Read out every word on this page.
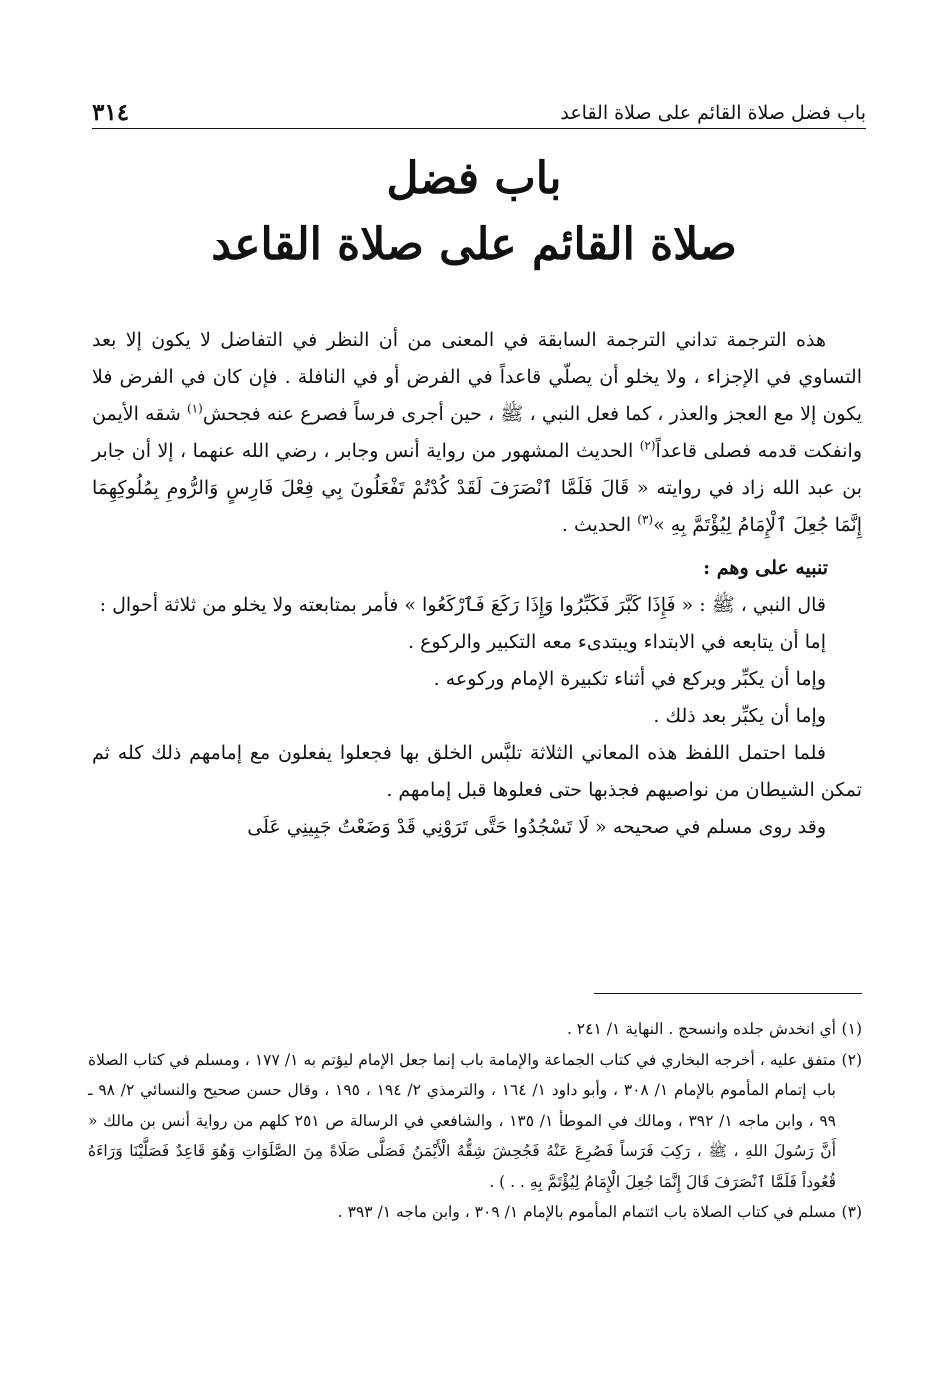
باب فضل صلاة القائم على صلاة القاعد
٣١٤
باب فضل
صلاة القائم على صلاة القاعد

هذه الترجمة تداني الترجمة السابقة في المعنى من أن النظر في التفاضل لا يكون إلا بعد التساوي في الإجزاء ، ولا يخلو أن يصلّي قاعداً في الفرض أو في النافلة . فإن كان في الفرض فلا يكون إلا مع العجز والعذر ، كما فعل النبي ، ﷺ ، حين أجرى فرساً فصرع عنه فجحش$^{(١)}$ شقه الأيمن وانفكت قدمه فصلى قاعداً$^{(٢)}$ الحديث المشهور من رواية أنس وجابر ، رضي الله عنهما ، إلا أن جابر بن عبد الله زاد في روايته « قَالَ فَلَمَّا ٱنْصَرَفَ لَقَدْ كُدْتُمْ تَفْعَلُونَ بِي فِعْلَ فَارِسٍ وَالرُّومِ بِمُلُوكِهِمَا إِنَّمَا جُعِلَ ٱلْإِمَامُ لِيُؤْتَمَّ بِهِ »$^{(٣)}$ الحديث .

تنبيه على وهم :

قال النبي ، ﷺ : « فَإِذَا كَبَّرَ فَكَبِّرُوا وَإِذَا رَكَعَ فَٱرْكَعُوا » فأمر بمتابعته ولا يخلو من ثلاثة أحوال :

إما أن يتابعه في الابتداء ويبتدىء معه التكبير والركوع .

وإما أن يكبِّر ويركع في أثناء تكبيرة الإمام وركوعه .

وإما أن يكبِّر بعد ذلك .

فلما احتمل اللفظ هذه المعاني الثلاثة تلبَّس الخلق بها فجعلوا يفعلون مع إمامهم ذلك كله ثم تمكن الشيطان من نواصيهم فجذبها حتى فعلوها قبل إمامهم .

وقد روى مسلم في صحيحه « لَا تَسْجُدُوا حَتَّى تَرَوْنِي قَدْ وَضَعْتُ جَبِينِي عَلَى

(١)
أي انخدش جلده وانسحج . النهاية ١/ ٢٤١ .
(٢)
متفق عليه ، أخرجه البخاري في كتاب الجماعة والإمامة باب إنما جعل الإمام ليؤتم به ١/ ١٧٧ ، ومسلم في كتاب الصلاة باب إتمام المأموم بالإمام ١/ ٣٠٨ ، وأبو داود ١/ ١٦٤ ، والترمذي ٢/ ١٩٤ ، ١٩٥ ، وقال حسن صحيح والنسائي ٢/ ٩٨ ـ ٩٩ ، وابن ماجه ١/ ٣٩٢ ، ومالك في الموطأ ١/ ١٣٥ ، والشافعي في الرسالة ص ٢٥١ كلهم من رواية أنس بن مالك « أَنَّ رَسُولَ اللهِ ، ﷺ ، رَكِبَ فَرَساً فَصُرِعَ عَنْهُ فَجُحِشَ شِقُّهُ الْأَيْمَنُ فَصَلَّى صَلَاةً مِنَ الصَّلَوَاتِ وَهُوَ قَاعِدٌ فَصَلَّيْنَا وَرَاءَهُ قُعُوداً فَلَمَّا ٱنْصَرَفَ قَالَ إِنَّمَا جُعِلَ الْإِمَامُ لِيُؤْتَمَّ بِهِ . . ) .
(٣)
مسلم في كتاب الصلاة باب ائتمام المأموم بالإمام ١/ ٣٠٩ ، وابن ماجه ١/ ٣٩٣ .
